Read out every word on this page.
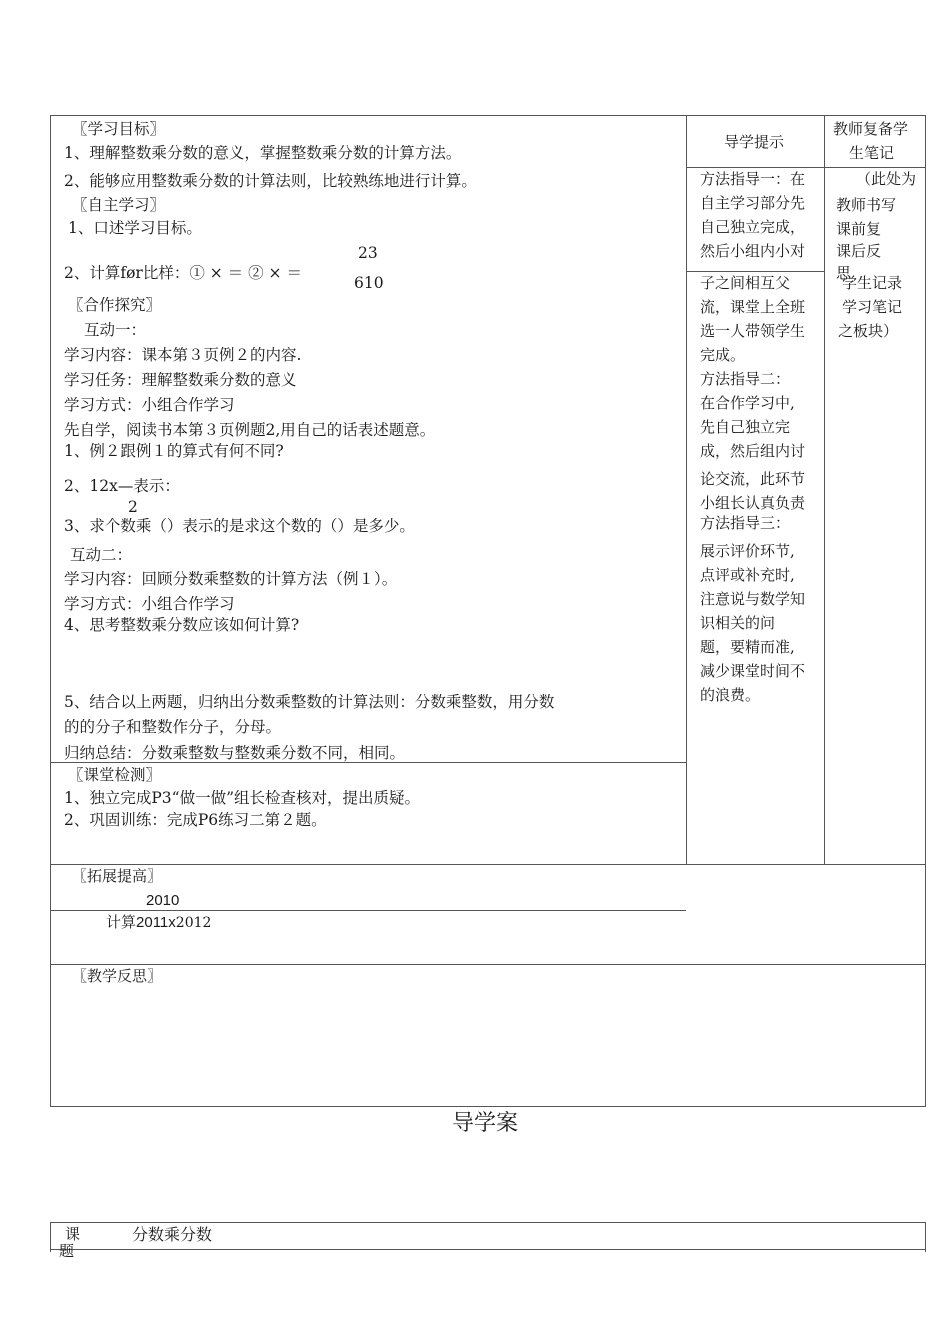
〖学习目标〗
1、理解整数乘分数的意义，掌握整数乘分数的计算方法。
2、能够应用整数乘分数的计算法则，比较熟练地进行计算。
〖自主学习〗
1、口述学习目标。
23
2、计算før比样：① × ＝ ② × ＝
610
〖合作探究〗
互动一：
学习内容：课本第３页例２的内容.
学习任务：理解整数乘分数的意义
学习方式：小组合作学习
先自学，阅读书本第３页例题2,用自己的话表述题意。
1、例２跟例１的算式有何不同?
2、12x—表示：
2
3、求个数乘（）表示的是求这个数的（）是多少。
互动二：
学习内容：回顾分数乘整数的计算方法（例１）。
学习方式：小组合作学习
4、思考整数乘分数应该如何计算?
5、结合以上两题，归纳出分数乘整数的计算法则：分数乘整数，用分数
的的分子和整数作分子，分母。
归纳总结：分数乘整数与整数乘分数不同，相同。
〖课堂检测〗
1、独立完成P3“做一做”组长检查核对，提出质疑。
2、巩固训练：完成P6练习二第２题。
导学提示
方法指导一：在
自主学习部分先
自己独立完成，
然后小组内小对
子之间相互父
流，课堂上全班
选一人带领学生
完成。
方法指导二：
在合作学习中,
先自己独立完
成，然后组内讨
论交流，此环节
小组长认真负责
方法指导三：
展示评价环节,
点评或补充时,
注意说与数学知
识相关的问
题，要精而准,
减少课堂时间不
的浪费。
教师复备学
生笔记
（此处为
教师书写
课前复
课后反
思
学生记录
学习笔记
之板块）
〖拓展提高〗
2010
计算2011x2012
〖教学反思〗
导学案
课
题
分数乘分数
